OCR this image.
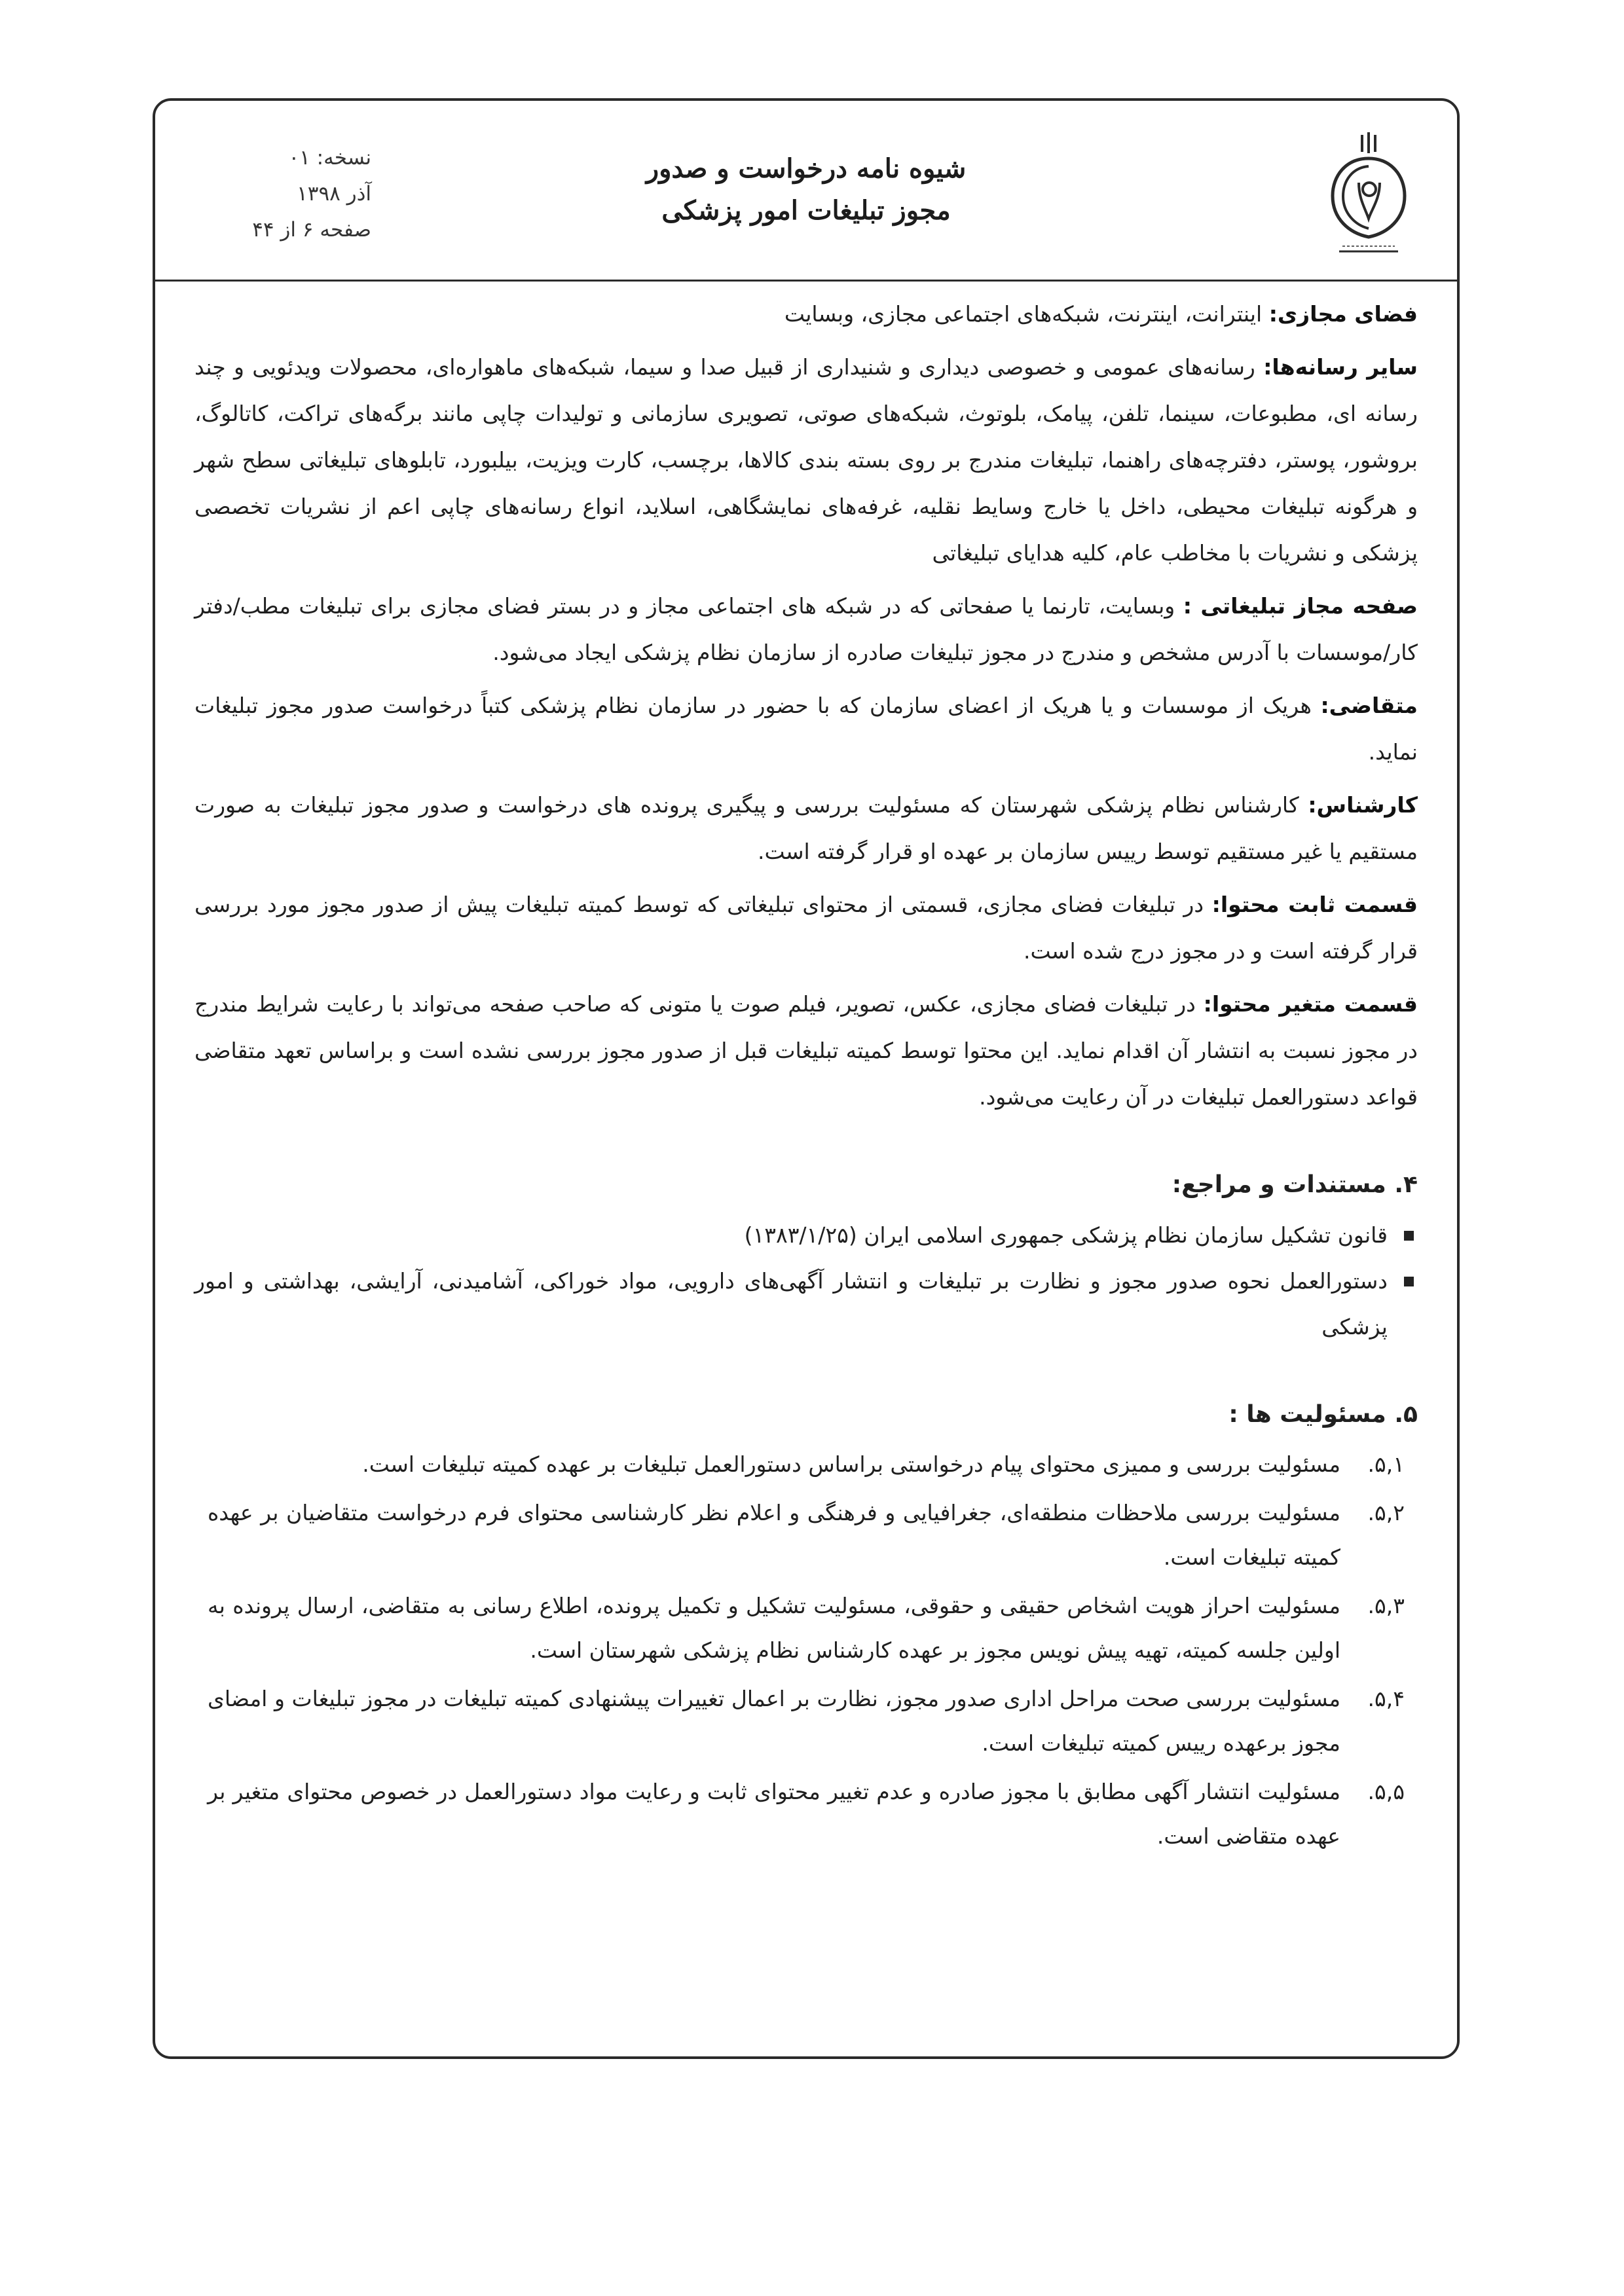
شیوه نامه درخواست و صدور
مجوز تبلیغات امور پزشکی
نسخه: ۰۱
آذر ۱۳۹۸
صفحه ۶ از ۴۴
فضای مجازی: اینترانت، اینترنت، شبکه‌های اجتماعی مجازی، وبسایت
سایر رسانه‌ها: رسانه‌های عمومی و خصوصی دیداری و شنیداری از قبیل صدا و سیما، شبکه‌های ماهواره‌ای، محصولات ویدئویی و چند رسانه ای، مطبوعات، سینما، تلفن، پیامک، بلوتوث، شبکه‌های صوتی، تصویری سازمانی و تولیدات چاپی مانند برگه‌های تراکت، کاتالوگ، بروشور، پوستر، دفترچه‌های راهنما، تبلیغات مندرج بر روی بسته بندی کالاها، برچسب، کارت ویزیت، بیلبورد، تابلوهای تبلیغاتی سطح شهر و هرگونه تبلیغات محیطی، داخل یا خارج وسایط نقلیه، غرفه‌های نمایشگاهی، اسلاید، انواع رسانه‌های چاپی اعم از نشریات تخصصی پزشکی و نشریات با مخاطب عام، کلیه هدایای تبلیغاتی
صفحه مجاز تبلیغاتی : وبسایت، تارنما یا صفحاتی که در شبکه های اجتماعی مجاز و در بستر فضای مجازی برای تبلیغات مطب/دفتر کار/موسسات با آدرس مشخص و مندرج در مجوز تبلیغات صادره از سازمان نظام پزشکی ایجاد می‌شود.
متقاضی: هریک از موسسات و یا هریک از اعضای سازمان که با حضور در سازمان نظام پزشکی کتباً درخواست صدور مجوز تبلیغات نماید.
کارشناس: کارشناس نظام پزشکی شهرستان که مسئولیت بررسی و پیگیری پرونده های درخواست و صدور مجوز تبلیغات به صورت مستقیم یا غیر مستقیم توسط رییس سازمان بر عهده او قرار گرفته است.
قسمت ثابت محتوا: در تبلیغات فضای مجازی، قسمتی از محتوای تبلیغاتی که توسط کمیته تبلیغات پیش از صدور مجوز مورد بررسی قرار گرفته است و در مجوز درج شده است.
قسمت متغیر محتوا: در تبلیغات فضای مجازی، عکس، تصویر، فیلم صوت یا متونی که صاحب صفحه می‌تواند با رعایت شرایط مندرج در مجوز نسبت به انتشار آن اقدام نماید. این محتوا توسط کمیته تبلیغات قبل از صدور مجوز بررسی نشده است و براساس تعهد متقاضی قواعد دستورالعمل تبلیغات در آن رعایت می‌شود.
۴. مستندات و مراجع:
قانون تشکیل سازمان نظام پزشکی جمهوری اسلامی ایران (۱۳۸۳/۱/۲۵)
دستورالعمل نحوه صدور مجوز و نظارت بر تبلیغات و انتشار آگهی‌های دارویی، مواد خوراکی، آشامیدنی، آرایشی، بهداشتی و امور پزشکی
۵. مسئولیت ها :
۵,۱.
مسئولیت بررسی و ممیزی محتوای پیام درخواستی براساس دستورالعمل تبلیغات بر عهده کمیته تبلیغات است.
۵,۲.
مسئولیت بررسی ملاحظات منطقه‌ای، جغرافیایی و فرهنگی و اعلام نظر کارشناسی محتوای فرم درخواست متقاضیان بر عهده کمیته تبلیغات است.
۵,۳.
مسئولیت احراز هویت اشخاص حقیقی و حقوقی، مسئولیت تشکیل و تکمیل پرونده، اطلاع رسانی به متقاضی، ارسال پرونده به اولین جلسه کمیته، تهیه پیش نویس مجوز بر عهده کارشناس نظام پزشکی شهرستان است.
۵,۴.
مسئولیت بررسی صحت مراحل اداری صدور مجوز، نظارت بر اعمال تغییرات پیشنهادی کمیته تبلیغات در مجوز تبلیغات و امضای مجوز برعهده رییس کمیته تبلیغات است.
۵,۵.
مسئولیت انتشار آگهی مطابق با مجوز صادره و عدم تغییر محتوای ثابت و رعایت مواد دستورالعمل در خصوص محتوای متغیر بر عهده متقاضی است.
